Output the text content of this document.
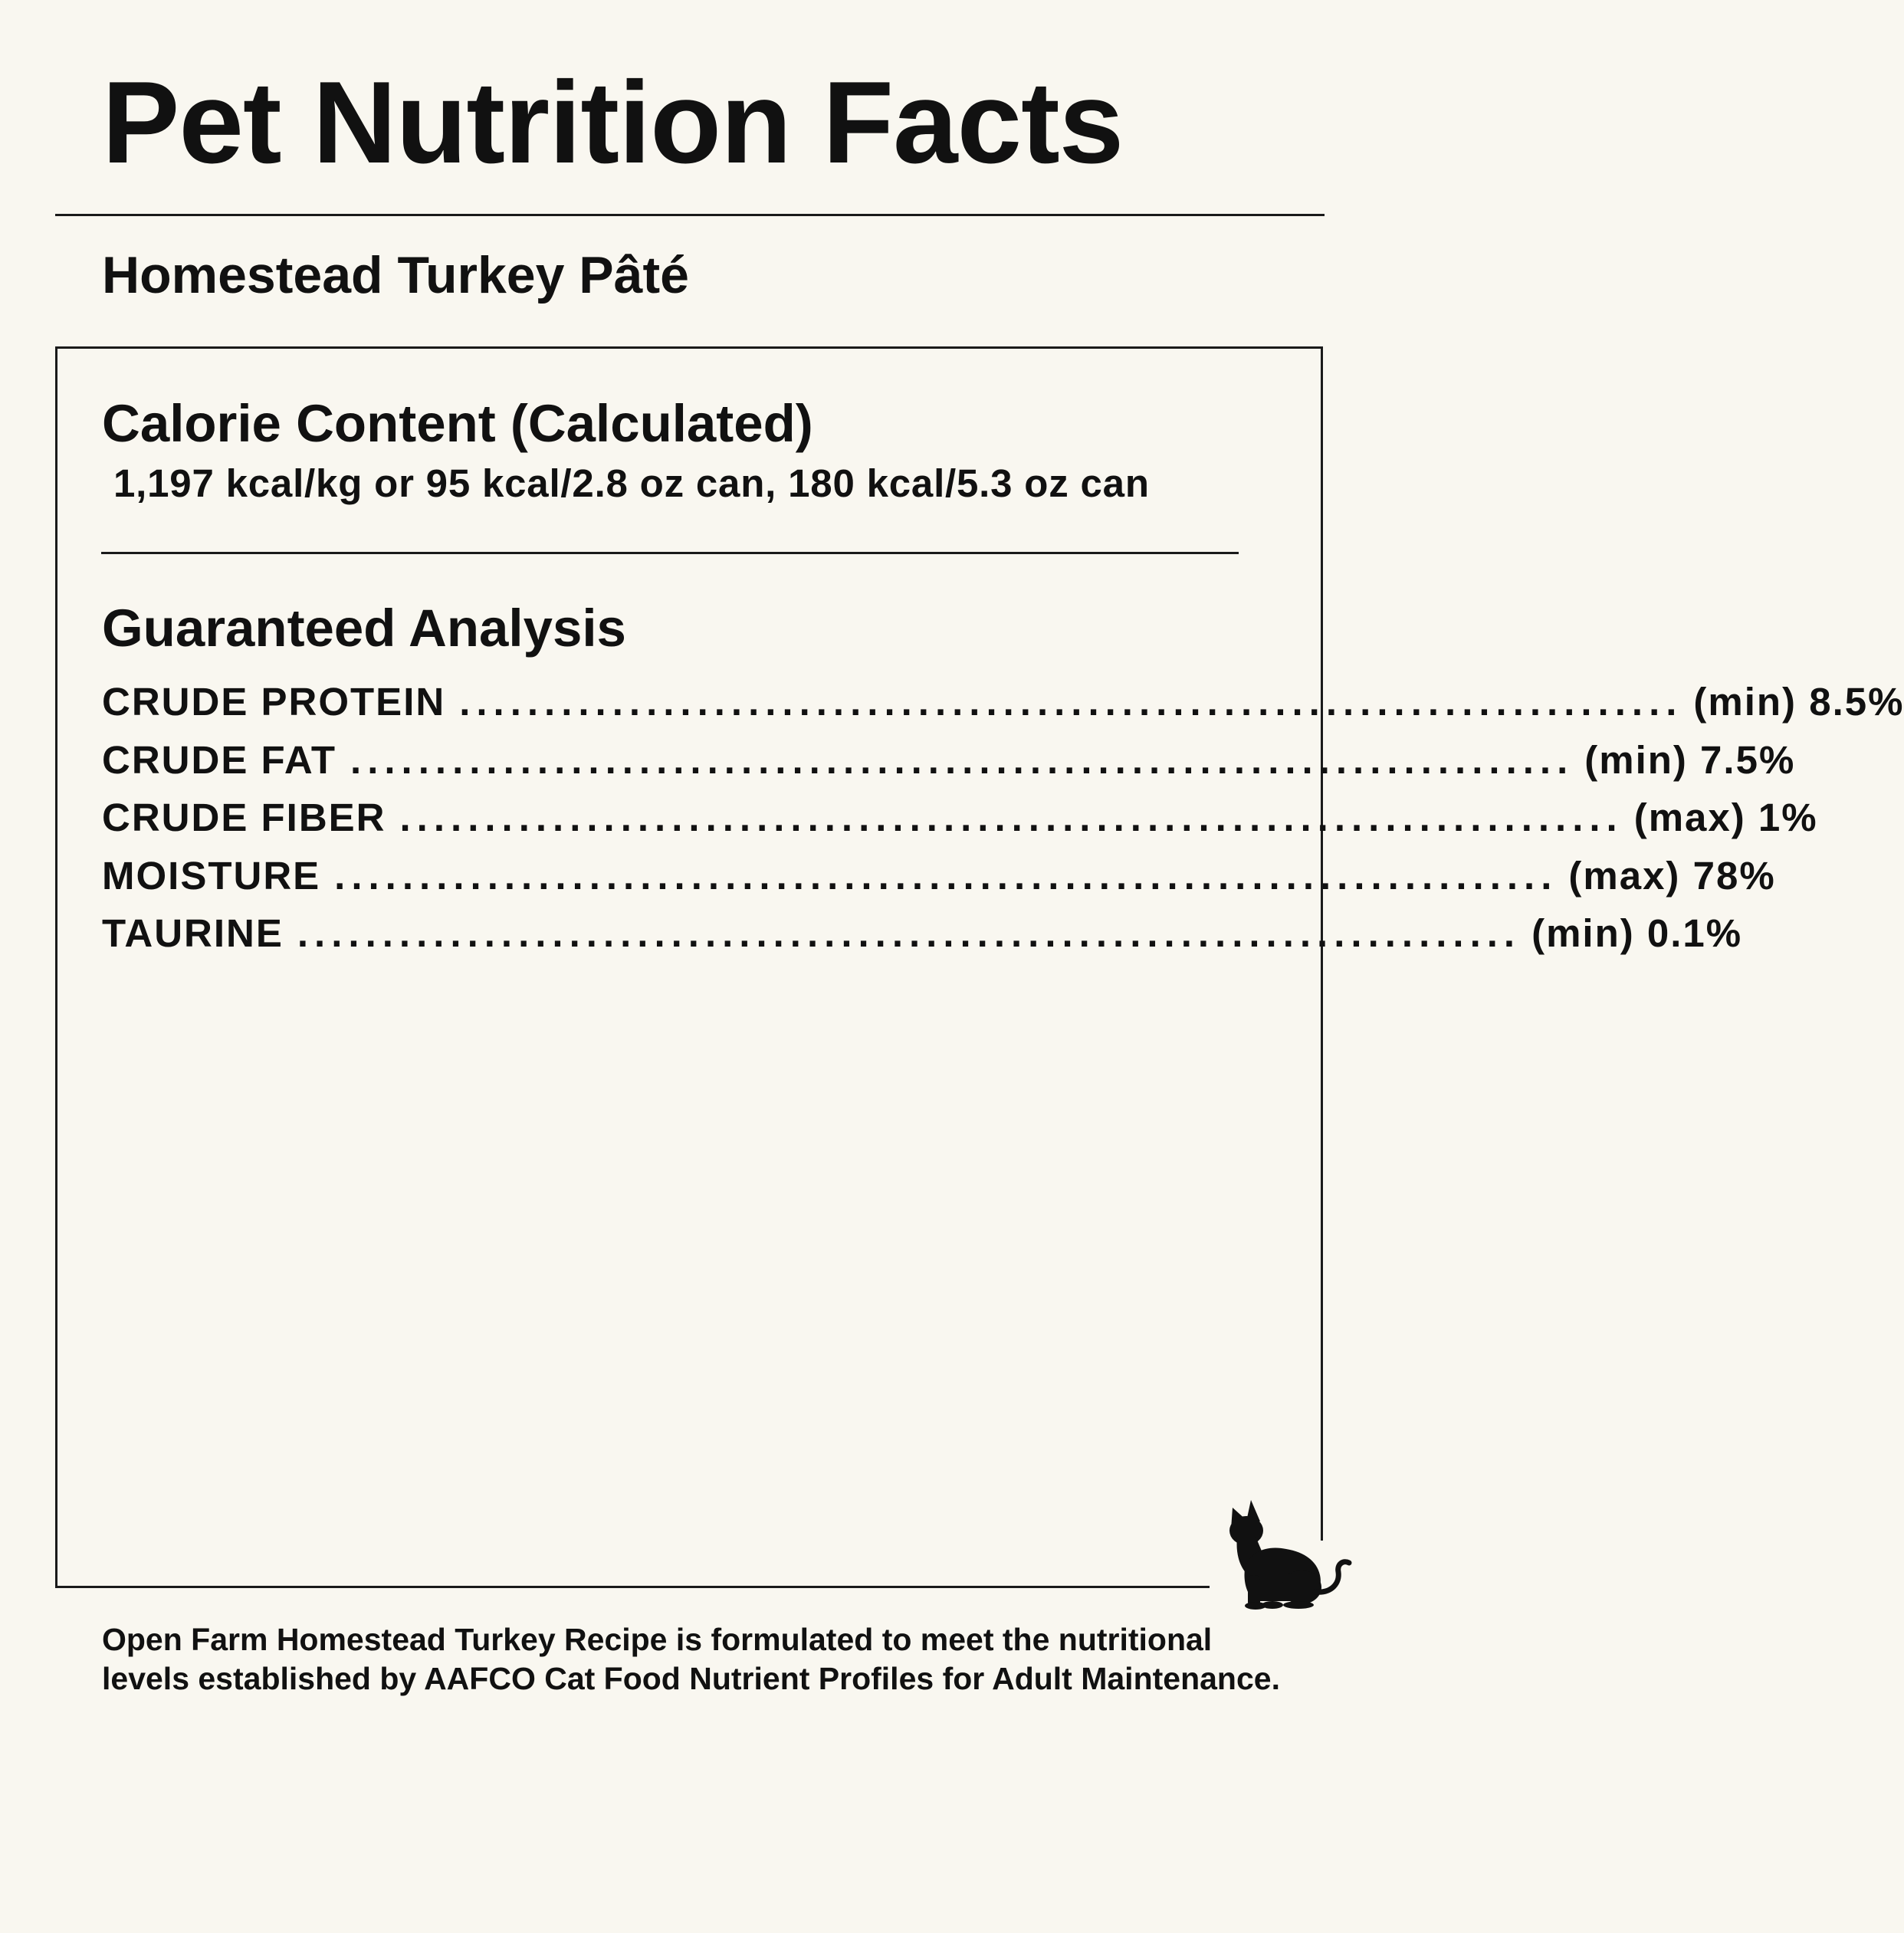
Pet Nutrition Facts
Homestead Turkey Pâté
Calorie Content (Calculated)

1,197 kcal/kg or 95 kcal/2.8 oz can, 180 kcal/5.3 oz can

Guaranteed Analysis
CRUDE PROTEIN ........................................................................ (min) 8.5%
CRUDE FAT ........................................................................ (min) 7.5%
CRUDE FIBER ........................................................................ (max) 1%
MOISTURE ........................................................................ (max) 78%
TAURINE ........................................................................ (min) 0.1%

Open Farm Homestead Turkey Recipe is formulated to meet the nutritional levels established by AAFCO Cat Food Nutrient Profiles for Adult Maintenance.
